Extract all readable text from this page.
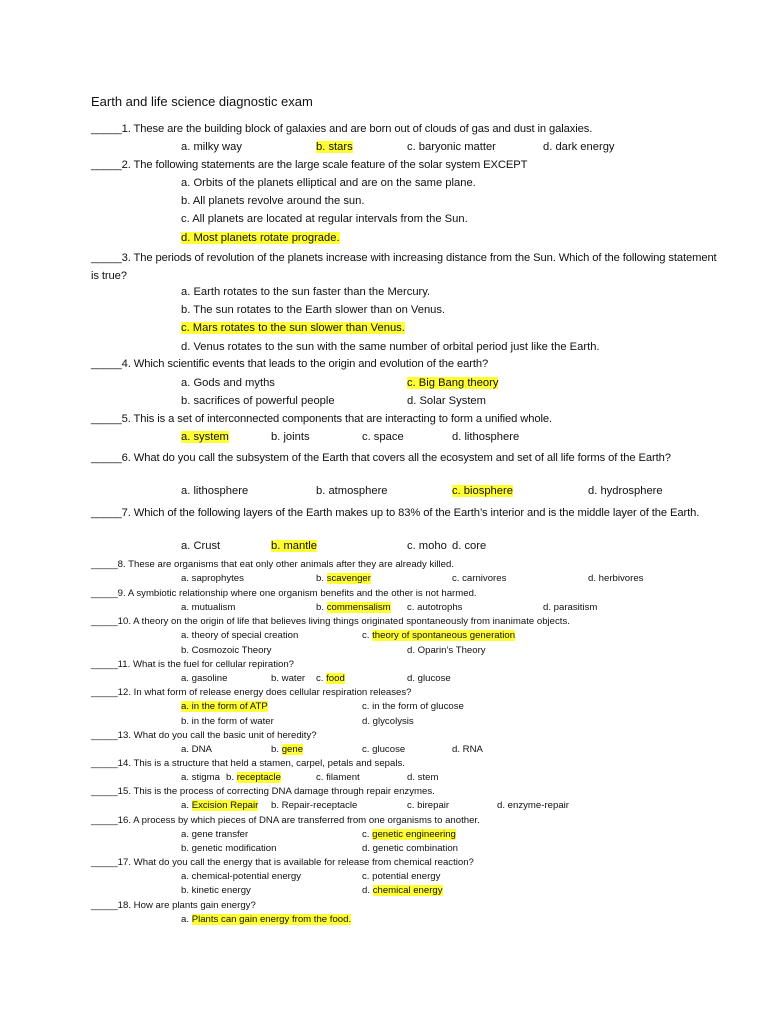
Earth and life science diagnostic exam
_____1. These are the building block of galaxies and are born out of clouds of gas and dust in galaxies.
a. milky way	b. stars	c. baryonic matter	d. dark energy
_____2. The following statements are the large scale feature of the solar system EXCEPT
a. Orbits of the planets elliptical and are on the same plane.
b. All planets revolve around the sun.
c. All planets are located at regular intervals from the Sun.
d. Most planets rotate prograde.
_____3. The periods of revolution of the planets increase with increasing distance from the Sun. Which of the following statement is true?
a. Earth rotates to the sun faster than the Mercury.
b. The sun rotates to the Earth slower than on Venus.
c. Mars rotates to the sun slower than Venus.
d. Venus rotates to the sun with the same number of orbital period just like the Earth.
_____4. Which scientific events that leads to the origin and evolution of the earth?
a. Gods and myths	c. Big Bang theory
b. sacrifices of powerful people	d. Solar System
_____5. This is a set of interconnected components that are interacting to form a unified whole.
a. system	b. joints	c. space	d. lithosphere
_____6. What do you call the subsystem of the Earth that covers all the ecosystem and set of all life forms of the Earth?
a. lithosphere	b. atmosphere	c. biosphere	d. hydrosphere
_____7. Which of the following layers of the Earth makes up to 83% of the Earth’s interior and is the middle layer of the Earth.
a. Crust	b. mantle	c. moho d. core
_____8. These are organisms that eat only other animals after they are already killed.
a. saprophytes	b. scavenger	c. carnivores	d. herbivores
_____9. A symbiotic relationship where one organism benefits and the other is not harmed.
a. mutualism	b. commensalism c. autotrophs	d. parasitism
_____10. A theory on the origin of life that believes living things originated spontaneously from inanimate objects.
a. theory of special creation	c. theory of spontaneous generation
b. Cosmozoic Theory	d. Oparin’s Theory
_____11. What is the fuel for cellular repiration?
a. gasoline	b. water c. food	d. glucose
_____12. In what form of release energy does cellular respiration releases?
a. in the form of ATP	c. in the form of glucose
b. in the form of water	d. glycolysis
_____13. What do you call the basic unit of heredity?
a. DNA	b. gene	c. glucose	d. RNA
_____14. This is a structure that held a stamen, carpel, petals and sepals.
a. stigma b. receptacle	c. filament	d. stem
_____15. This is the process of correcting DNA damage through repair enzymes.
a. Excision Repair b. Repair-receptacle	c. birepair	d. enzyme-repair
_____16. A process by which pieces of DNA are transferred from one organisms to another.
a. gene transfer	c. genetic engineering
b. genetic modification	d. genetic combination
_____17. What do you call the energy that is available for release from chemical reaction?
a. chemical-potential energy	c. potential energy
b. kinetic energy	d. chemical energy
_____18. How are plants gain energy?
a. Plants can gain energy from the food.
